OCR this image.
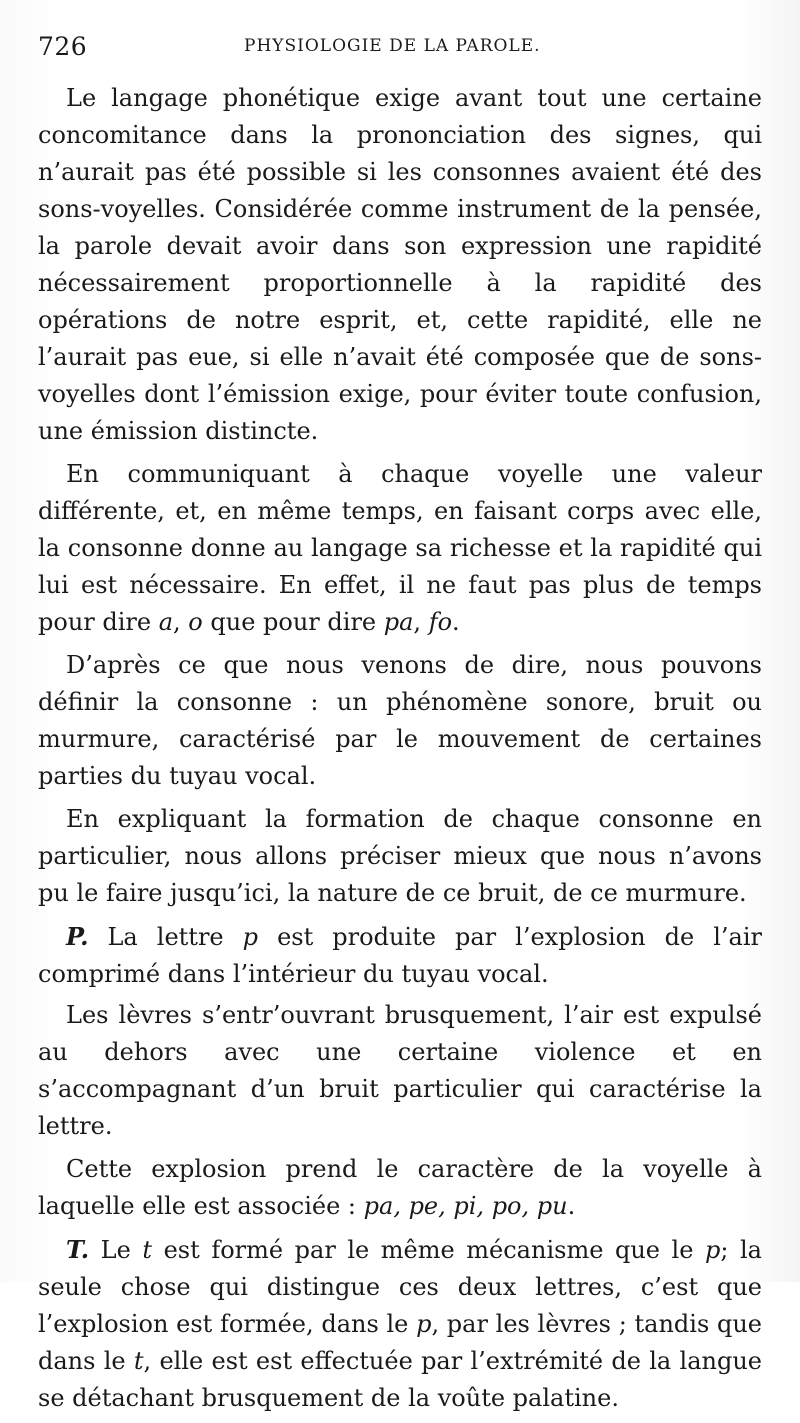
726	PHYSIOLOGIE DE LA PAROLE.

Le langage phonétique exige avant tout une certaine concomitance dans la prononciation des signes, qui n’aurait pas été possible si les consonnes avaient été des sons-voyelles. Considérée comme instrument de la pensée, la parole devait avoir dans son expression une rapidité nécessairement proportionnelle à la rapidité des opérations de notre esprit, et, cette rapidité, elle ne l’aurait pas eue, si elle n’avait été composée que de sons-voyelles dont l’émission exige, pour éviter toute confusion, une émission distincte.

En communiquant à chaque voyelle une valeur différente, et, en même temps, en faisant corps avec elle, la consonne donne au langage sa richesse et la rapidité qui lui est nécessaire. En effet, il ne faut pas plus de temps pour dire a, o que pour dire pa, fo.

D’après ce que nous venons de dire, nous pouvons définir la consonne : un phénomène sonore, bruit ou murmure, caractérisé par le mouvement de certaines parties du tuyau vocal.

En expliquant la formation de chaque consonne en particulier, nous allons préciser mieux que nous n’avons pu le faire jusqu’ici, la nature de ce bruit, de ce murmure.

P. La lettre p est produite par l’explosion de l’air comprimé dans l’intérieur du tuyau vocal.

Les lèvres s’entr’ouvrant brusquement, l’air est expulsé au dehors avec une certaine violence et en s’accompagnant d’un bruit particulier qui caractérise la lettre.

Cette explosion prend le caractère de la voyelle à laquelle elle est associée : pa, pe, pi, po, pu.

T. Le t est formé par le même mécanisme que le p; la seule chose qui distingue ces deux lettres, c’est que l’explosion est formée, dans le p, par les lèvres ; tandis que dans le t, elle est est effectuée par l’extrémité de la langue se détachant brusquement de la voûte palatine.
